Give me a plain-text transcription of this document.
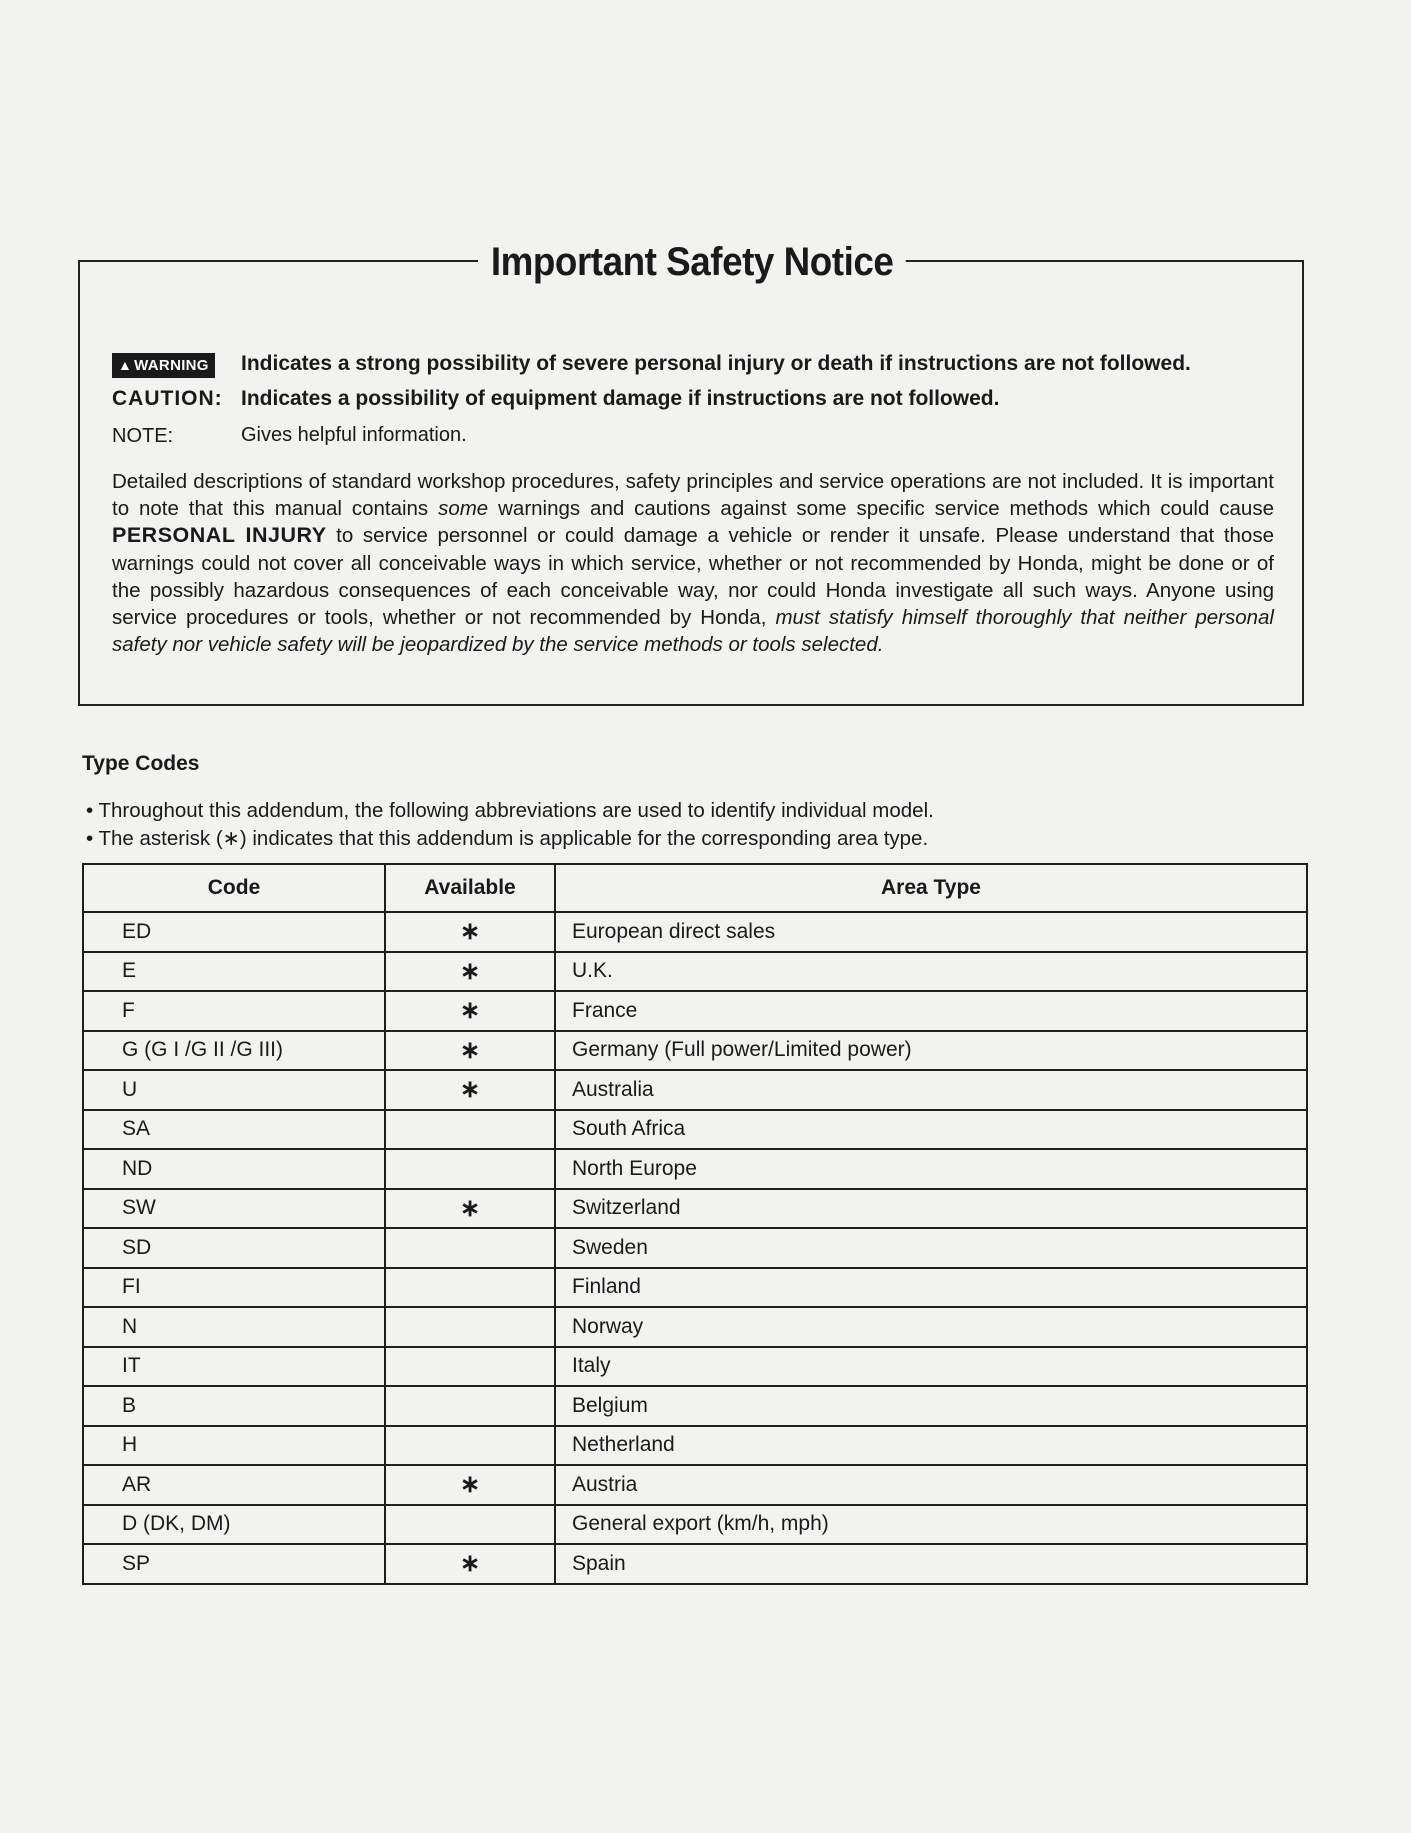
Important Safety Notice
▲ WARNING Indicates a strong possibility of severe personal injury or death if instructions are not followed.
CAUTION: Indicates a possibility of equipment damage if instructions are not followed.
NOTE:	Gives helpful information.
Detailed descriptions of standard workshop procedures, safety principles and service operations are not included. It is important to note that this manual contains some warnings and cautions against some specific service methods which could cause PERSONAL INJURY to service personnel or could damage a vehicle or render it unsafe. Please understand that those warnings could not cover all conceivable ways in which service, whether or not recommended by Honda, might be done or of the possibly hazardous consequences of each conceivable way, nor could Honda investigate all such ways. Anyone using service procedures or tools, whether or not recommended by Honda, must statisfy himself thoroughly that neither personal safety nor vehicle safety will be jeopardized by the service methods or tools selected.
Type Codes
• Throughout this addendum, the following abbreviations are used to identify individual model.
• The asterisk (∗) indicates that this addendum is applicable for the corresponding area type.
Code	Available	Area Type
ED	∗	European direct sales
E	∗	U.K.
F	∗	France
G (G I /G II /G III)	∗	Germany (Full power/Limited power)
U	∗	Australia
SA		South Africa
ND		North Europe
SW	∗	Switzerland
SD		Sweden
FI		Finland
N		Norway
IT		Italy
B		Belgium
H		Netherland
AR	∗	Austria
D (DK, DM)		General export (km/h, mph)
SP	∗	Spain
